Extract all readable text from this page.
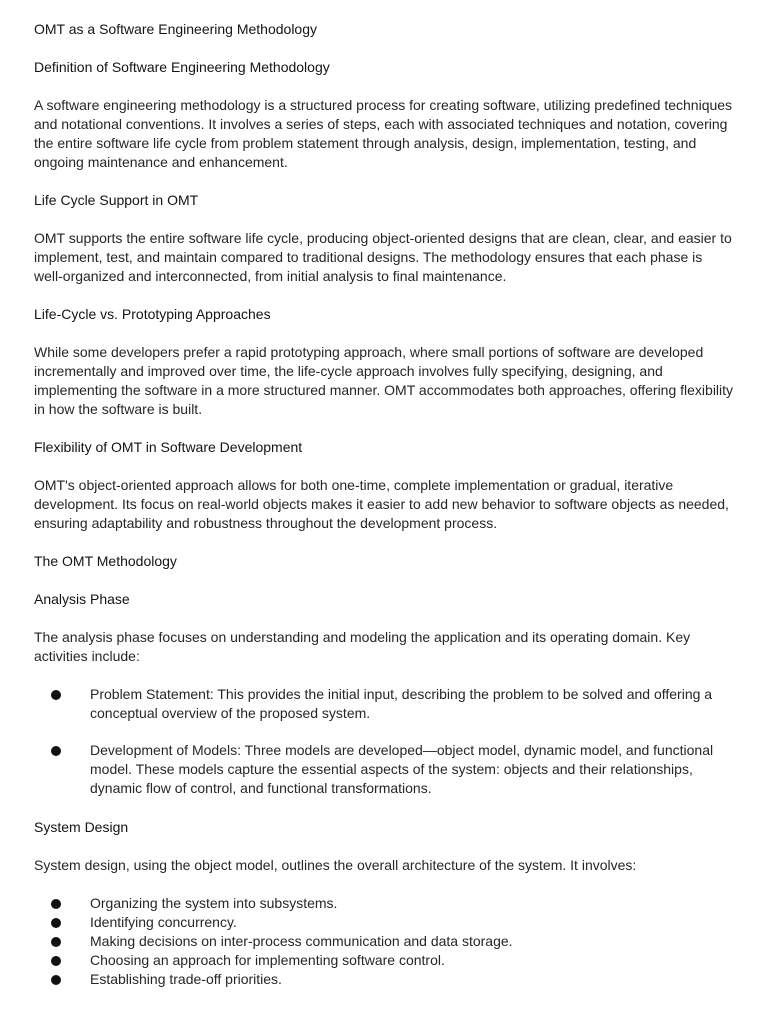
OMT as a Software Engineering Methodology
Definition of Software Engineering Methodology

A software engineering methodology is a structured process for creating software, utilizing predefined techniques and notational conventions. It involves a series of steps, each with associated techniques and notation, covering the entire software life cycle from problem statement through analysis, design, implementation, testing, and ongoing maintenance and enhancement.

Life Cycle Support in OMT

OMT supports the entire software life cycle, producing object-oriented designs that are clean, clear, and easier to implement, test, and maintain compared to traditional designs. The methodology ensures that each phase is well-organized and interconnected, from initial analysis to final maintenance.

Life-Cycle vs. Prototyping Approaches

While some developers prefer a rapid prototyping approach, where small portions of software are developed incrementally and improved over time, the life-cycle approach involves fully specifying, designing, and implementing the software in a more structured manner. OMT accommodates both approaches, offering flexibility in how the software is built.

Flexibility of OMT in Software Development

OMT's object-oriented approach allows for both one-time, complete implementation or gradual, iterative development. Its focus on real-world objects makes it easier to add new behavior to software objects as needed, ensuring adaptability and robustness throughout the development process.

The OMT Methodology
Analysis Phase

The analysis phase focuses on understanding and modeling the application and its operating domain. Key activities include:

Problem Statement: This provides the initial input, describing the problem to be solved and offering a conceptual overview of the proposed system.
Development of Models: Three models are developed—object model, dynamic model, and functional model. These models capture the essential aspects of the system: objects and their relationships, dynamic flow of control, and functional transformations.
System Design

System design, using the object model, outlines the overall architecture of the system. It involves:

Organizing the system into subsystems.
Identifying concurrency.
Making decisions on inter-process communication and data storage.
Choosing an approach for implementing software control.
Establishing trade-off priorities.
